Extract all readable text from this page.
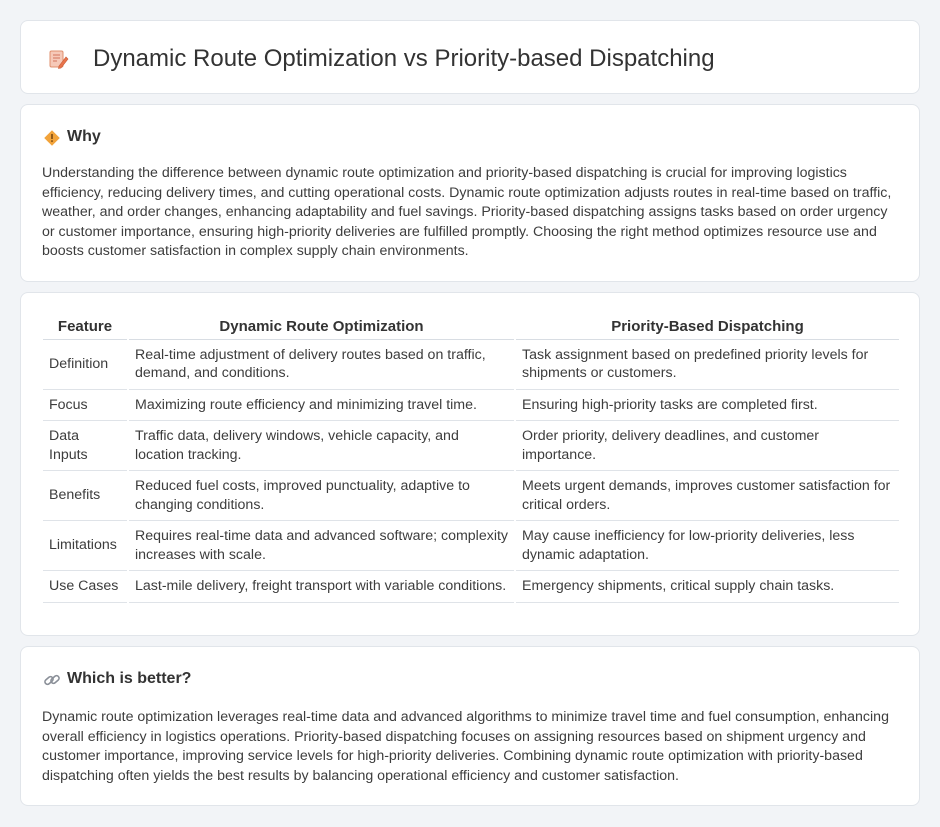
Dynamic Route Optimization vs Priority-based Dispatching
Why

Understanding the difference between dynamic route optimization and priority-based dispatching is crucial for improving logistics efficiency, reducing delivery times, and cutting operational costs. Dynamic route optimization adjusts routes in real-time based on traffic, weather, and order changes, enhancing adaptability and fuel savings. Priority-based dispatching assigns tasks based on order urgency or customer importance, ensuring high-priority deliveries are fulfilled promptly. Choosing the right method optimizes resource use and boosts customer satisfaction in complex supply chain environments.

Feature	Dynamic Route Optimization	Priority-Based Dispatching
Definition	Real-time adjustment of delivery routes based on traffic, demand, and conditions.	Task assignment based on predefined priority levels for shipments or customers.
Focus	Maximizing route efficiency and minimizing travel time.	Ensuring high-priority tasks are completed first.
Data Inputs	Traffic data, delivery windows, vehicle capacity, and location tracking.	Order priority, delivery deadlines, and customer importance.
Benefits	Reduced fuel costs, improved punctuality, adaptive to changing conditions.	Meets urgent demands, improves customer satisfaction for critical orders.
Limitations	Requires real-time data and advanced software; complexity increases with scale.	May cause inefficiency for low-priority deliveries, less dynamic adaptation.
Use Cases	Last-mile delivery, freight transport with variable conditions.	Emergency shipments, critical supply chain tasks.
Which is better?

Dynamic route optimization leverages real-time data and advanced algorithms to minimize travel time and fuel consumption, enhancing overall efficiency in logistics operations. Priority-based dispatching focuses on assigning resources based on shipment urgency and customer importance, improving service levels for high-priority deliveries. Combining dynamic route optimization with priority-based dispatching often yields the best results by balancing operational efficiency and customer satisfaction.
